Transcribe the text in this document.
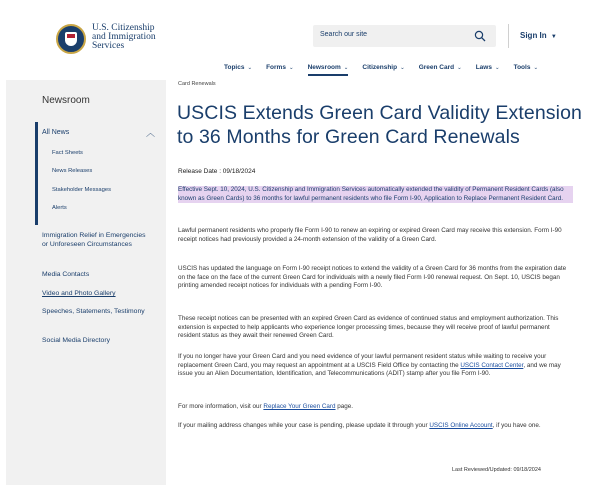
U.S. Citizenship
and Immigration
Services
Search our site	Sign In ▼
Topics ⌄ Forms ⌄ Newsroom ⌄ Citizenship ⌄ Green Card ⌄ Laws ⌄ Tools ⌄
Newsroom
All News	︿
Fact Sheets
News Releases
Stakeholder Messages
Alerts
Immigration Relief in Emergencies or Unforeseen Circumstances
Media Contacts
Video and Photo Gallery
Speeches, Statements, Testimony
Social Media Directory
Card Renewals
USCIS Extends Green Card Validity Extension to 36 Months for Green Card Renewals
Release Date : 09/18/2024
Effective Sept. 10, 2024, U.S. Citizenship and Immigration Services automatically extended the validity of Permanent Resident Cards (also known as Green Cards) to 36 months for lawful permanent residents who file Form I-90, Application to Replace Permanent Resident Card.
Lawful permanent residents who properly file Form I-90 to renew an expiring or expired Green Card may receive this extension. Form I-90 receipt notices had previously provided a 24-month extension of the validity of a Green Card.
USCIS has updated the language on Form I-90 receipt notices to extend the validity of a Green Card for 36 months from the expiration date on the face on the face of the current Green Card for individuals with a newly filed Form I-90 renewal request. On Sept. 10, USCIS began printing amended receipt notices for individuals with a pending Form I-90.
These receipt notices can be presented with an expired Green Card as evidence of continued status and employment authorization. This extension is expected to help applicants who experience longer processing times, because they will receive proof of lawful permanent resident status as they await their renewed Green Card.
If you no longer have your Green Card and you need evidence of your lawful permanent resident status while waiting to receive your replacement Green Card, you may request an appointment at a USCIS Field Office by contacting the USCIS Contact Center, and we may issue you an Alien Documentation, Identification, and Telecommunications (ADIT) stamp after you file Form I-90.
For more information, visit our Replace Your Green Card page.
If your mailing address changes while your case is pending, please update it through your USCIS Online Account, if you have one.
Last Reviewed/Updated: 09/18/2024
